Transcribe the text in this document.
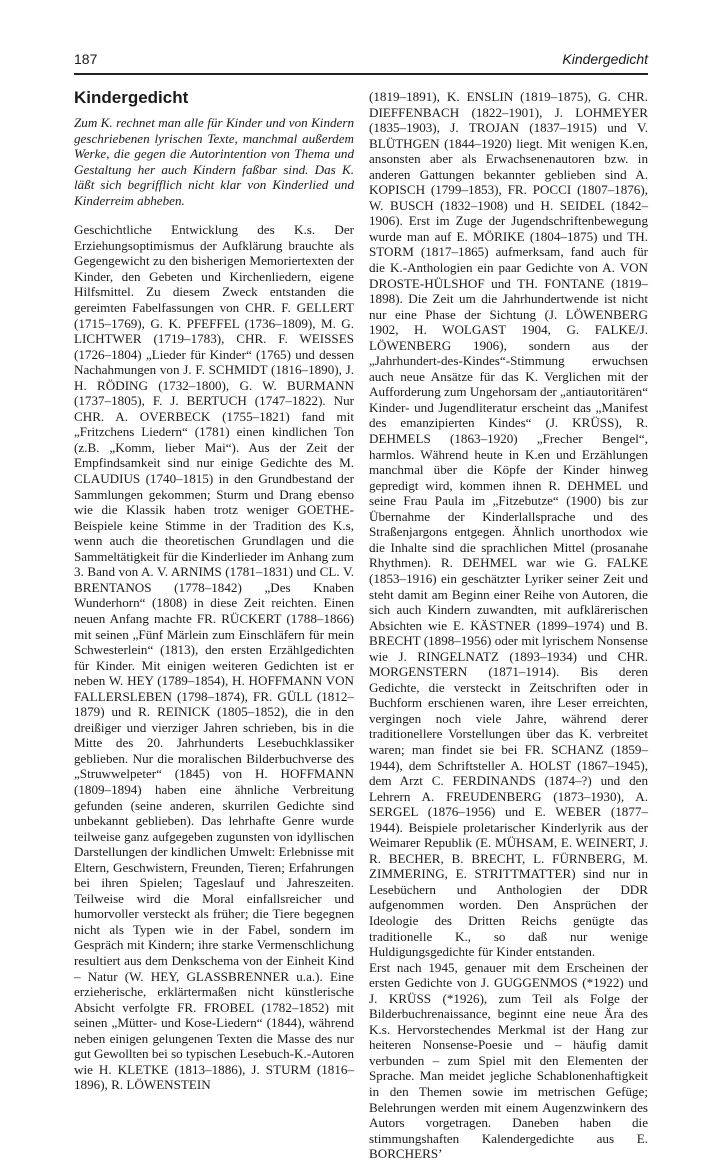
187	Kindergedicht
Kindergedicht

Zum K. rechnet man alle für Kinder und von Kindern geschriebenen lyrischen Texte, manchmal außerdem Werke, die gegen die Autorintention von Thema und Gestaltung her auch Kindern faßbar sind. Das K. läßt sich begrifflich nicht klar von Kinderlied und Kinderreim abheben.

Geschichtliche Entwicklung des K.s. Der Erziehungsoptimismus der Aufklärung brauchte als Gegengewicht zu den bisherigen Memoriertexten der Kinder, den Gebeten und Kirchenliedern, eigene Hilfsmittel. Zu diesem Zweck entstanden die gereimten Fabelfassungen von CHR. F. GELLERT (1715–1769), G. K. PFEFFEL (1736–1809), M. G. LICHTWER (1719–1783), CHR. F. WEISSES (1726–1804) „Lieder für Kinder“ (1765) und dessen Nachahmungen von J. F. SCHMIDT (1816–1890), J. H. RÖDING (1732–1800), G. W. BURMANN (1737–1805), F. J. BERTUCH (1747–1822). Nur CHR. A. OVERBECK (1755–1821) fand mit „Fritzchens Liedern“ (1781) einen kindlichen Ton (z.B. „Komm, lieber Mai“). Aus der Zeit der Empfindsamkeit sind nur einige Gedichte des M. CLAUDIUS (1740–1815) in den Grundbestand der Sammlungen gekommen; Sturm und Drang ebenso wie die Klassik haben trotz weniger GOETHE-Beispiele keine Stimme in der Tradition des K.s, wenn auch die theoretischen Grundlagen und die Sammeltätigkeit für die Kinderlieder im Anhang zum 3. Band von A. V. ARNIMS (1781–1831) und CL. V. BRENTANOS (1778–1842) „Des Knaben Wunderhorn“ (1808) in diese Zeit reichten. Einen neuen Anfang machte FR. RÜCKERT (1788–1866) mit seinen „Fünf Märlein zum Einschläfern für mein Schwesterlein“ (1813), den ersten Erzählgedichten für Kinder. Mit einigen weiteren Gedichten ist er neben W. HEY (1789–1854), H. HOFFMANN VON FALLERSLEBEN (1798–1874), FR. GÜLL (1812–1879) und R. REINICK (1805–1852), die in den dreißiger und vierziger Jahren schrieben, bis in die Mitte des 20. Jahrhunderts Lesebuchklassiker geblieben. Nur die moralischen Bilderbuchverse des „Struwwelpeter“ (1845) von H. HOFFMANN (1809–1894) haben eine ähnliche Verbreitung gefunden (seine anderen, skurrilen Gedichte sind unbekannt geblieben). Das lehrhafte Genre wurde teilweise ganz aufgegeben zugunsten von idyllischen Darstellungen der kindlichen Umwelt: Erlebnisse mit Eltern, Geschwistern, Freunden, Tieren; Erfahrungen bei ihren Spielen; Tageslauf und Jahreszeiten. Teilweise wird die Moral einfallsreicher und humorvoller versteckt als früher; die Tiere begegnen nicht als Typen wie in der Fabel, sondern im Gespräch mit Kindern; ihre starke Vermenschlichung resultiert aus dem Denkschema von der Einheit Kind – Natur (W. HEY, GLASSBRENNER u.a.). Eine erzieherische, erklärtermaßen nicht künstlerische Absicht verfolgte FR. FROBEL (1782–1852) mit seinen „Mütter- und Kose-Liedern“ (1844), während neben einigen gelungenen Texten die Masse des nur gut Gewollten bei so typischen Lesebuch-K.-Autoren wie H. KLETKE (1813–1886), J. STURM (1816–1896), R. LÖWENSTEIN

(1819–1891), K. ENSLIN (1819–1875), G. CHR. DIEFFENBACH (1822–1901), J. LOHMEYER (1835–1903), J. TROJAN (1837–1915) und V. BLÜTHGEN (1844–1920) liegt. Mit wenigen K.en, ansonsten aber als Erwachsenenautoren bzw. in anderen Gattungen bekannter geblieben sind A. KOPISCH (1799–1853), FR. POCCI (1807–1876), W. BUSCH (1832–1908) und H. SEIDEL (1842–1906). Erst im Zuge der Jugendschriftenbewegung wurde man auf E. MÖRIKE (1804–1875) und TH. STORM (1817–1865) aufmerksam, fand auch für die K.-Anthologien ein paar Gedichte von A. VON DROSTE-HÜLSHOF und TH. FONTANE (1819–1898). Die Zeit um die Jahrhundertwende ist nicht nur eine Phase der Sichtung (J. LÖWENBERG 1902, H. WOLGAST 1904, G. FALKE/J. LÖWENBERG 1906), sondern aus der „Jahrhundert-des-Kindes“-Stimmung erwuchsen auch neue Ansätze für das K. Verglichen mit der Aufforderung zum Ungehorsam der „antiautoritären“ Kinder- und Jugendliteratur erscheint das „Manifest des emanzipierten Kindes“ (J. KRÜSS), R. DEHMELS (1863–1920) „Frecher Bengel“, harmlos. Während heute in K.en und Erzählungen manchmal über die Köpfe der Kinder hinweg gepredigt wird, kommen ihnen R. DEHMEL und seine Frau Paula im „Fitzebutze“ (1900) bis zur Übernahme der Kinderlallsprache und des Straßenjargons entgegen. Ähnlich unorthodox wie die Inhalte sind die sprachlichen Mittel (prosanahe Rhythmen). R. DEHMEL war wie G. FALKE (1853–1916) ein geschätzter Lyriker seiner Zeit und steht damit am Beginn einer Reihe von Autoren, die sich auch Kindern zuwandten, mit aufklärerischen Absichten wie E. KÄSTNER (1899–1974) und B. BRECHT (1898–1956) oder mit lyrischem Nonsense wie J. RINGELNATZ (1893–1934) und CHR. MORGENSTERN (1871–1914). Bis deren Gedichte, die versteckt in Zeitschriften oder in Buchform erschienen waren, ihre Leser erreichten, vergingen noch viele Jahre, während derer traditionellere Vorstellungen über das K. verbreitet waren; man findet sie bei FR. SCHANZ (1859–1944), dem Schriftsteller A. HOLST (1867–1945), dem Arzt C. FERDINANDS (1874–?) und den Lehrern A. FREUDENBERG (1873–1930), A. SERGEL (1876–1956) und E. WEBER (1877–1944). Beispiele proletarischer Kinderlyrik aus der Weimarer Republik (E. MÜHSAM, E. WEINERT, J. R. BECHER, B. BRECHT, L. FÜRNBERG, M. ZIMMERING, E. STRITTMATTER) sind nur in Lesebüchern und Anthologien der DDR aufgenommen worden. Den Ansprüchen der Ideologie des Dritten Reichs genügte das traditionelle K., so daß nur wenige Huldigungsgedichte für Kinder entstanden.

Erst nach 1945, genauer mit dem Erscheinen der ersten Gedichte von J. GUGGENMOS (*1922) und J. KRÜSS (*1926), zum Teil als Folge der Bilderbuchrenaissance, beginnt eine neue Ära des K.s. Hervorstechendes Merkmal ist der Hang zur heiteren Nonsense-Poesie und – häufig damit verbunden – zum Spiel mit den Elementen der Sprache. Man meidet jegliche Schablonenhaftigkeit in den Themen sowie im metrischen Gefüge; Belehrungen werden mit einem Augenzwinkern des Autors vorgetragen. Daneben haben die stimmungshaften Kalendergedichte aus E. BORCHERS’
